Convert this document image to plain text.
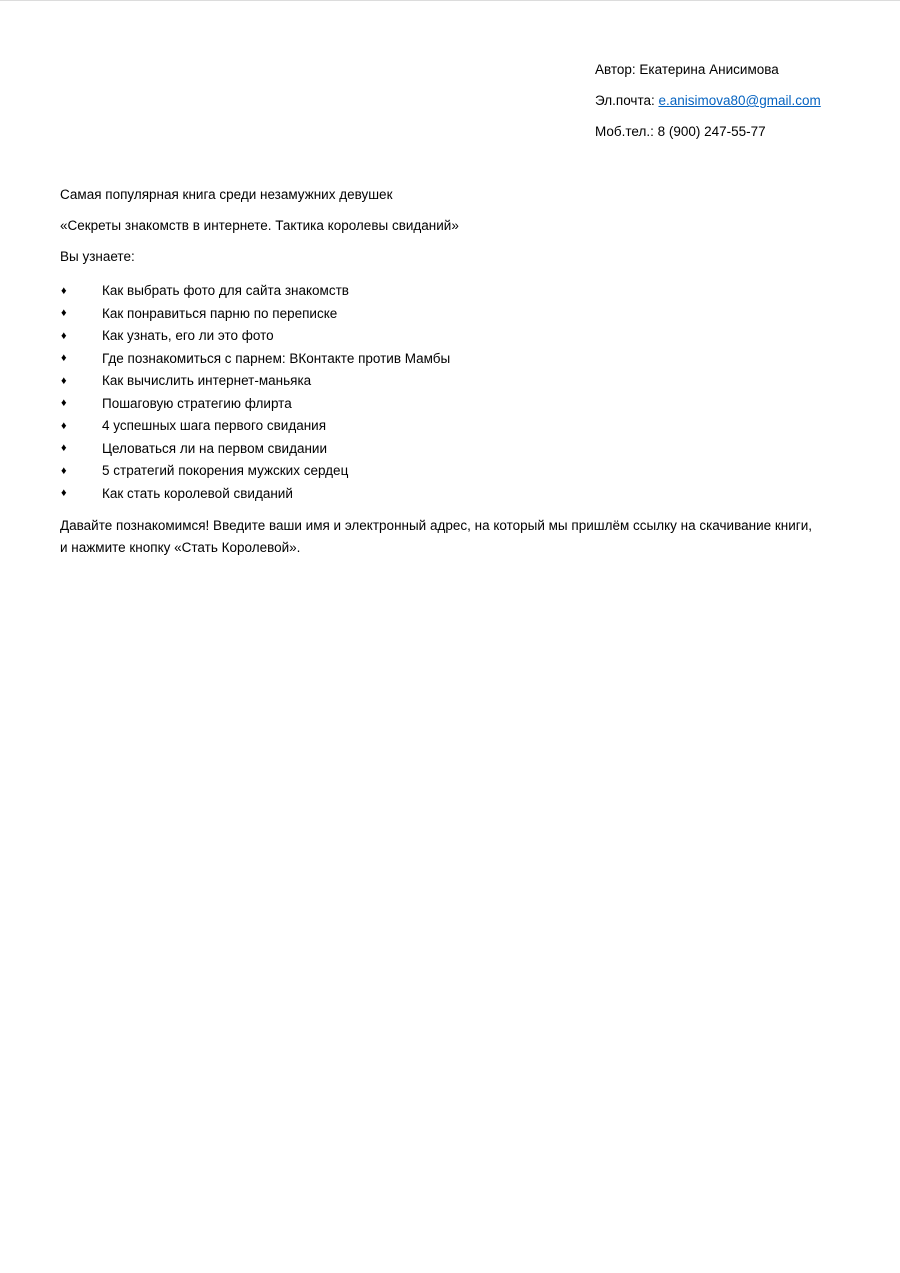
Автор: Екатерина Анисимова
Эл.почта: e.anisimova80@gmail.com
Моб.тел.: 8 (900) 247-55-77

Самая популярная книга среди незамужних девушек

«Секреты знакомств в интернете. Тактика королевы свиданий»

Вы узнаете:

♦	Как выбрать фото для сайта знакомств
♦	Как понравиться парню по переписке
♦	Как узнать, его ли это фото
♦	Где познакомиться с парнем: ВКонтакте против Мамбы
♦	Как вычислить интернет-маньяка
♦	Пошаговую стратегию флирта
♦	4 успешных шага первого свидания
♦	Целоваться ли на первом свидании
♦	5 стратегий покорения мужских сердец
♦	Как стать королевой свиданий
Давайте познакомимся! Введите ваши имя и электронный адрес, на который мы пришлём ссылку на скачивание книги,
и нажмите кнопку «Стать Королевой».
